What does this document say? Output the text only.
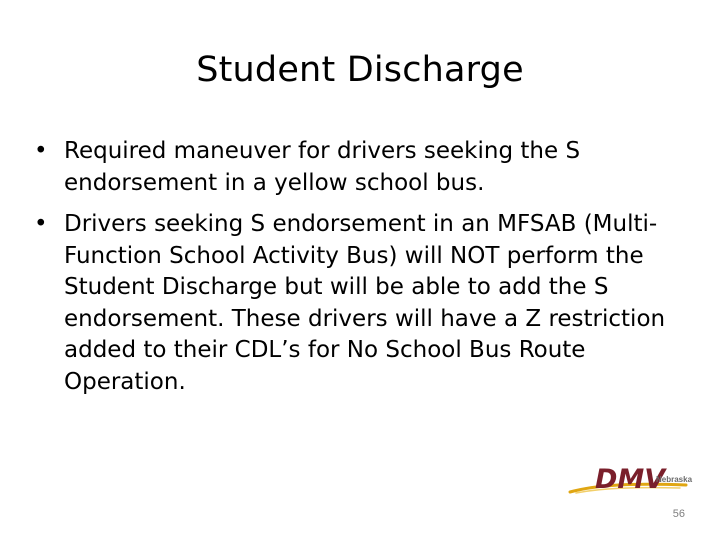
Student Discharge
• Required maneuver for drivers seeking the S endorsement in a yellow school bus.
• Drivers seeking S endorsement in an MFSAB (Multi-Function School Activity Bus) will NOT perform the Student Discharge but will be able to add the S endorsement. These drivers will have a Z restriction added to their CDL’s for No School Bus Route Operation.
DMV
Nebraska
56
